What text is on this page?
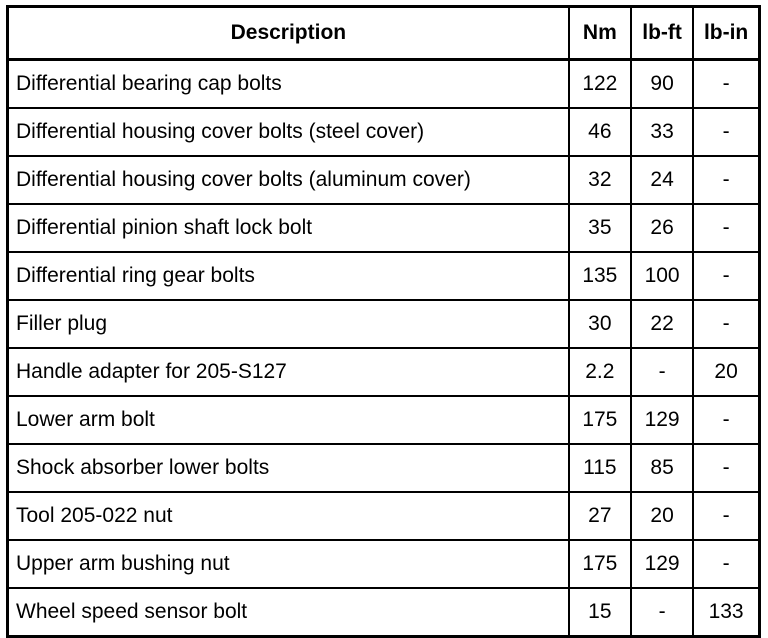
Description	Nm	lb-ft	lb-in
Differential bearing cap bolts	122	90	-
Differential housing cover bolts (steel cover)	46	33	-
Differential housing cover bolts (aluminum cover)	32	24	-
Differential pinion shaft lock bolt	35	26	-
Differential ring gear bolts	135	100	-
Filler plug	30	22	-
Handle adapter for 205-S127	2.2	-	20
Lower arm bolt	175	129	-
Shock absorber lower bolts	115	85	-
Tool 205-022 nut	27	20	-
Upper arm bushing nut	175	129	-
Wheel speed sensor bolt	15	-	133
